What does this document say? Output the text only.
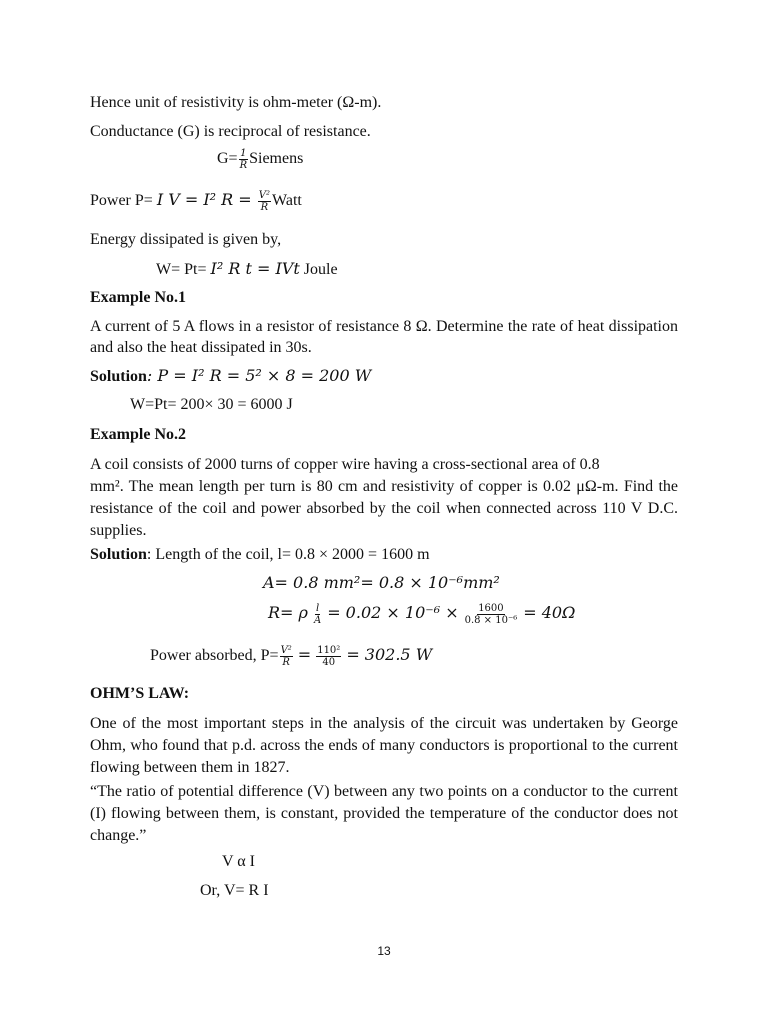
Hence unit of resistivity is ohm-meter (Ω-m).
Conductance (G) is reciprocal of resistance.
$G= \frac{1}{R}$ Siemens
Power P= I V = I² $R = \frac{\text{V²}}{R}$ Watt
Energy dissipated is given by,
W= Pt= I² R t = IVt Joule
Example No.1
A current of 5 A flows in a resistor of resistance 8 Ω. Determine the rate of heat dissipation and also the heat dissipated in 30s.
Solution: P = I² R = 5² × 8 = 200 W
W=Pt= 200× 30 = 6000 J
Example No.2
A coil consists of 2000 turns of copper wire having a cross-sectional area of 0.8
mm². The mean length per turn is 80 cm and resistivity of copper is 0.02 μΩ-m. Find the resistance of the coil and power absorbed by the coil when connected across 110 V D.C. supplies.
Solution: Length of the coil, l= 0.8 × 2000 = 1600 m
A= 0.8 mm²= 0.8 × 10⁻⁶mm²
R= ρ $\frac{l}{A} = 0.02 \times 10^{-6} \times \frac{1600}{\text{0.8 × 10⁻⁶}} = 40\Omega$
Power absorbed, $P= \frac{\text{V²}}{R} = \frac{\text{110²}}{40} = 302.5$ W
OHM’S LAW:
One of the most important steps in the analysis of the circuit was undertaken by George Ohm, who found that p.d. across the ends of many conductors is proportional to the current flowing between them in 1827.
“The ratio of potential difference (V) between any two points on a conductor to the current (I) flowing between them, is constant, provided the temperature of the conductor does not change.”
V α I
Or, V= R I
13
